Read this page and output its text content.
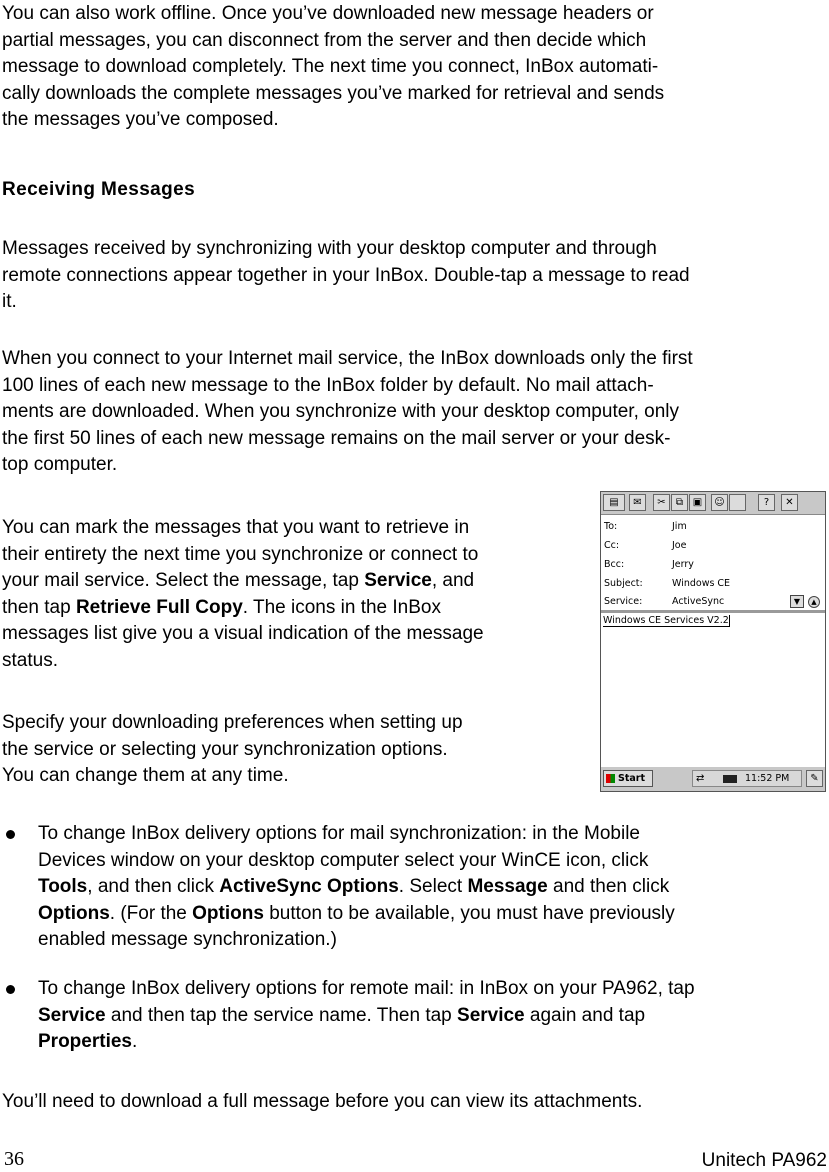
You can also work offline. Once you’ve downloaded new message headers or
partial messages, you can disconnect from the server and then decide which
message to download completely. The next time you connect, InBox automati-
cally downloads the complete messages you’ve marked for retrieval and sends
the messages you’ve composed.

Receiving Messages

Messages received by synchronizing with your desktop computer and through
remote connections appear together in your InBox. Double-tap a message to read
it.

When you connect to your Internet mail service, the InBox downloads only the first
100 lines of each new message to the InBox folder by default. No mail attach-
ments are downloaded. When you synchronize with your desktop computer, only
the first 50 lines of each new message remains on the mail server or your desk-
top computer.

You can mark the messages that you want to retrieve in
their entirety the next time you synchronize or connect to
your mail service. Select the message, tap Service, and
then tap Retrieve Full Copy. The icons in the InBox
messages list give you a visual indication of the message
status.

Specify your downloading preferences when setting up
the service or selecting your synchronization options.
You can change them at any time.

▤	✉	✂	⧉ ▣	☺	?	✕
To:	Jim
Cc:	Joe
Bcc:	Jerry
Subject:	Windows CE
Service:	ActiveSync	▼	▲
Windows CE Services V2.2
Start	⇄	11:52 PM	✎
To change InBox delivery options for mail synchronization: in the Mobile
Devices window on your desktop computer select your WinCE icon, click
Tools, and then click ActiveSync Options. Select Message and then click
Options. (For the Options button to be available, you must have previously
enabled message synchronization.)
To change InBox delivery options for remote mail: in InBox on your PA962, tap
Service and then tap the service name. Then tap Service again and tap
Properties.

You’ll need to download a full message before you can view its attachments.

36	Unitech PA962
